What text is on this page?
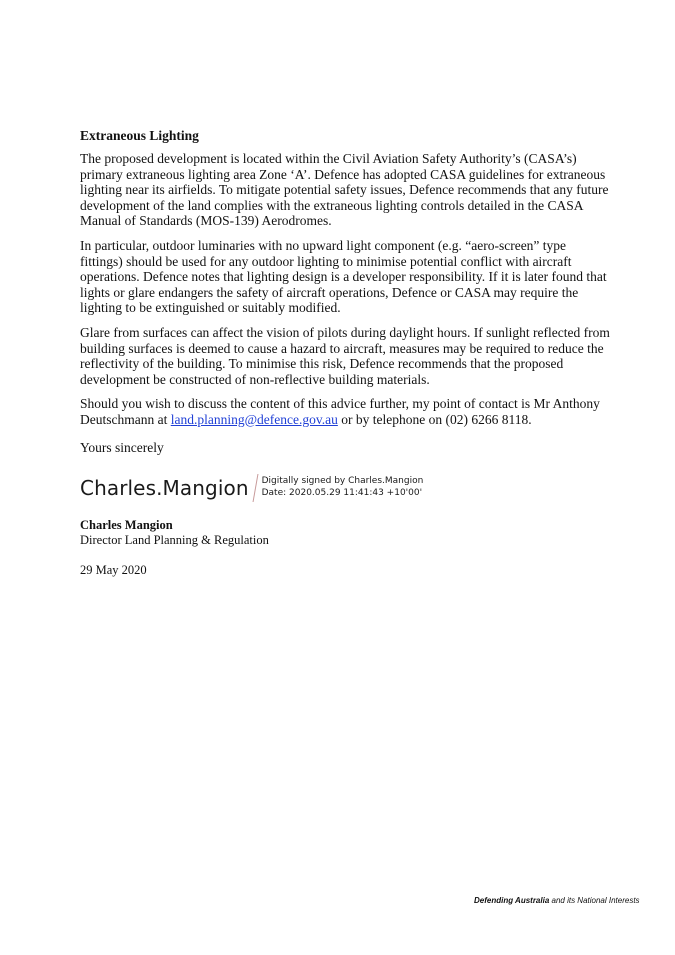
Extraneous Lighting

The proposed development is located within the Civil Aviation Safety Authority’s (CASA’s) primary extraneous lighting area Zone ‘A’. Defence has adopted CASA guidelines for extraneous lighting near its airfields. To mitigate potential safety issues, Defence recommends that any future development of the land complies with the extraneous lighting controls detailed in the CASA Manual of Standards (MOS-139) Aerodromes.

In particular, outdoor luminaries with no upward light component (e.g. “aero-screen” type fittings) should be used for any outdoor lighting to minimise potential conflict with aircraft operations. Defence notes that lighting design is a developer responsibility. If it is later found that lights or glare endangers the safety of aircraft operations, Defence or CASA may require the lighting to be extinguished or suitably modified.

Glare from surfaces can affect the vision of pilots during daylight hours. If sunlight reflected from building surfaces is deemed to cause a hazard to aircraft, measures may be required to reduce the reflectivity of the building. To minimise this risk, Defence recommends that the proposed development be constructed of non-reflective building materials.

Should you wish to discuss the content of this advice further, my point of contact is Mr Anthony Deutschmann at land.planning@defence.gov.au or by telephone on (02) 6266 8118.

Yours sincerely
Charles.Mangion Digitally signed by Charles.Mangion
Date: 2020.05.29 11:41:43 +10'00'
Charles Mangion
Director Land Planning & Regulation
29 May 2020
Defending Australia and its National Interests
